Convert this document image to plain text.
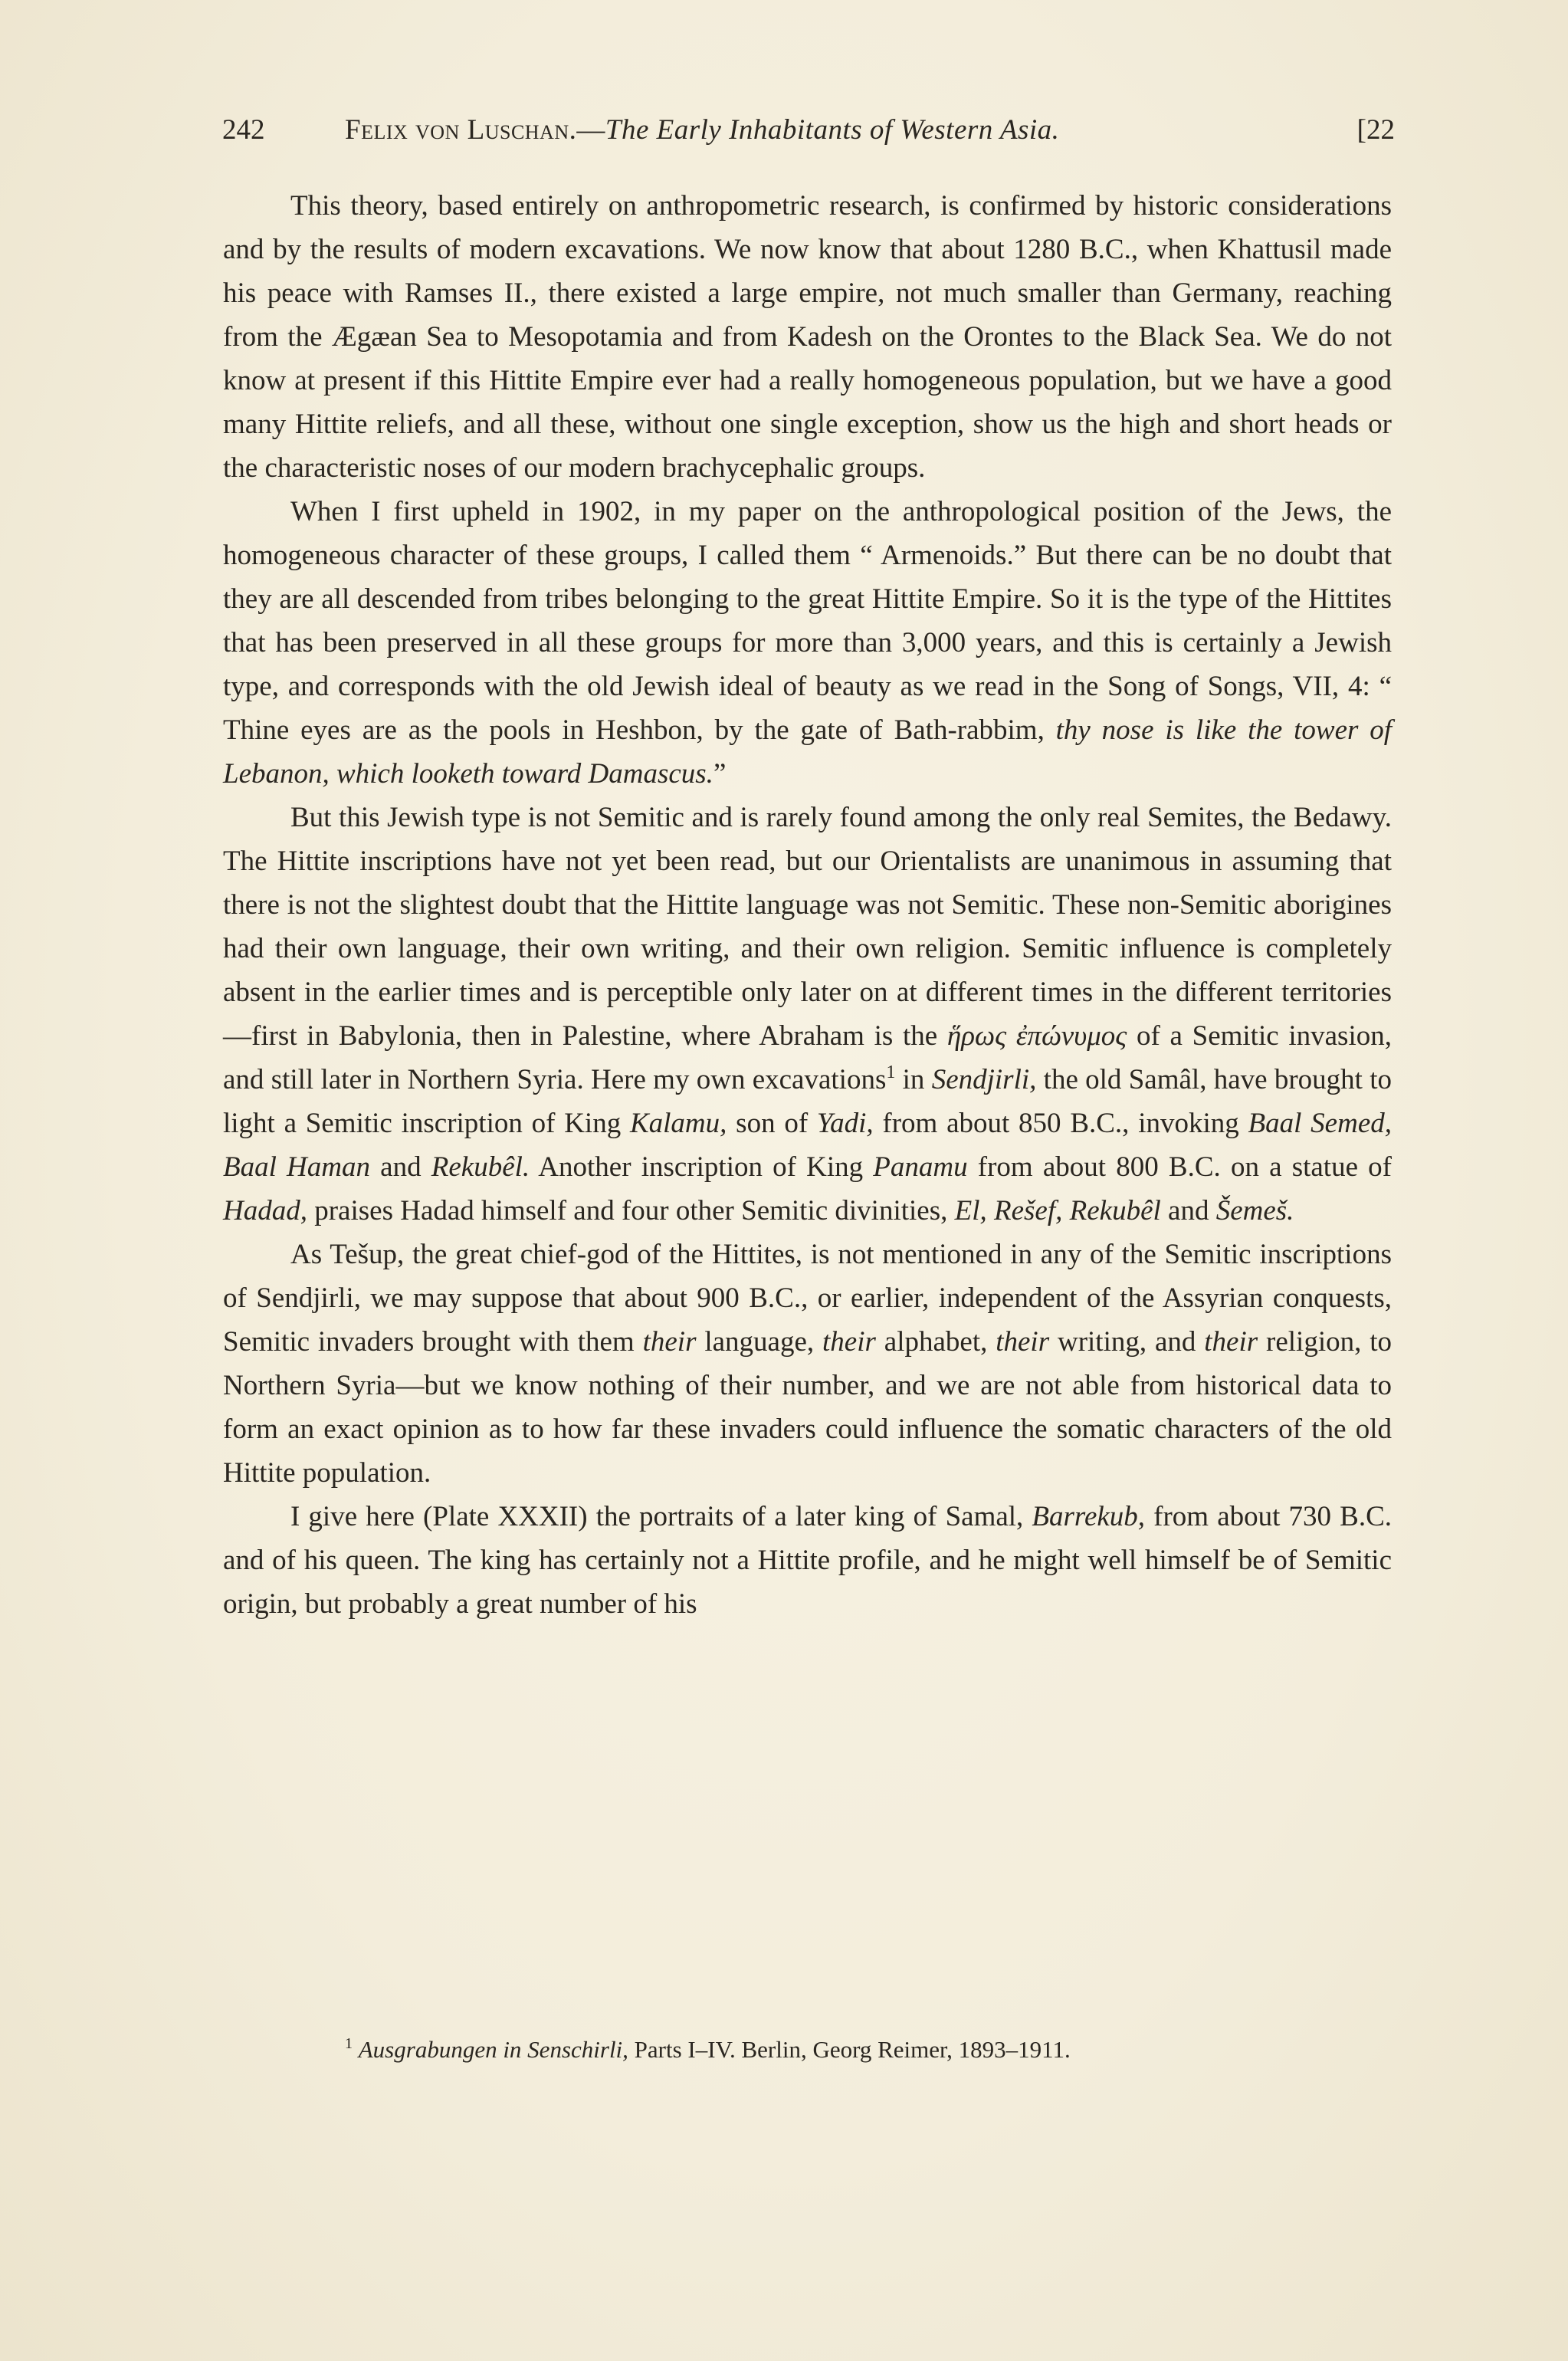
242	Felix von Luschan.—The Early Inhabitants of Western Asia.	[22

This theory, based entirely on anthropometric research, is confirmed by historic considerations and by the results of modern excavations. We now know that about 1280 B.C., when Khattusil made his peace with Ramses II., there existed a large empire, not much smaller than Germany, reaching from the Ægæan Sea to Mesopotamia and from Kadesh on the Orontes to the Black Sea. We do not know at present if this Hittite Empire ever had a really homogeneous population, but we have a good many Hittite reliefs, and all these, without one single exception, show us the high and short heads or the characteristic noses of our modern brachycephalic groups.

When I first upheld in 1902, in my paper on the anthropological position of the Jews, the homogeneous character of these groups, I called them “ Armenoids.” But there can be no doubt that they are all descended from tribes belonging to the great Hittite Empire. So it is the type of the Hittites that has been preserved in all these groups for more than 3,000 years, and this is certainly a Jewish type, and corresponds with the old Jewish ideal of beauty as we read in the Song of Songs, VII, 4: “ Thine eyes are as the pools in Heshbon, by the gate of Bath-rabbim, thy nose is like the tower of Lebanon, which looketh toward Damascus.”

But this Jewish type is not Semitic and is rarely found among the only real Semites, the Bedawy. The Hittite inscriptions have not yet been read, but our Orientalists are unanimous in assuming that there is not the slightest doubt that the Hittite language was not Semitic. These non-Semitic aborigines had their own language, their own writing, and their own religion. Semitic influence is completely absent in the earlier times and is perceptible only later on at different times in the different territories—first in Babylonia, then in Palestine, where Abraham is the ἥρως ἐπώνυμος of a Semitic invasion, and still later in Northern Syria. Here my own excavations$^1$ in Sendjirli, the old Samâl, have brought to light a Semitic inscription of King Kalamu, son of Yadi, from about 850 B.C., invoking Baal Semed, Baal Haman and Rekubêl. Another inscription of King Panamu from about 800 B.C. on a statue of Hadad, praises Hadad himself and four other Semitic divinities, El, Rešef, Rekubêl and Šemeš.

As Tešup, the great chief-god of the Hittites, is not mentioned in any of the Semitic inscriptions of Sendjirli, we may suppose that about 900 B.C., or earlier, independent of the Assyrian conquests, Semitic invaders brought with them their language, their alphabet, their writing, and their religion, to Northern Syria—but we know nothing of their number, and we are not able from historical data to form an exact opinion as to how far these invaders could influence the somatic characters of the old Hittite population.

I give here (Plate XXXII) the portraits of a later king of Samal, Barrekub, from about 730 B.C. and of his queen. The king has certainly not a Hittite profile, and he might well himself be of Semitic origin, but probably a great number of his

$^1$ Ausgrabungen in Senschirli, Parts I–IV. Berlin, Georg Reimer, 1893–1911.
